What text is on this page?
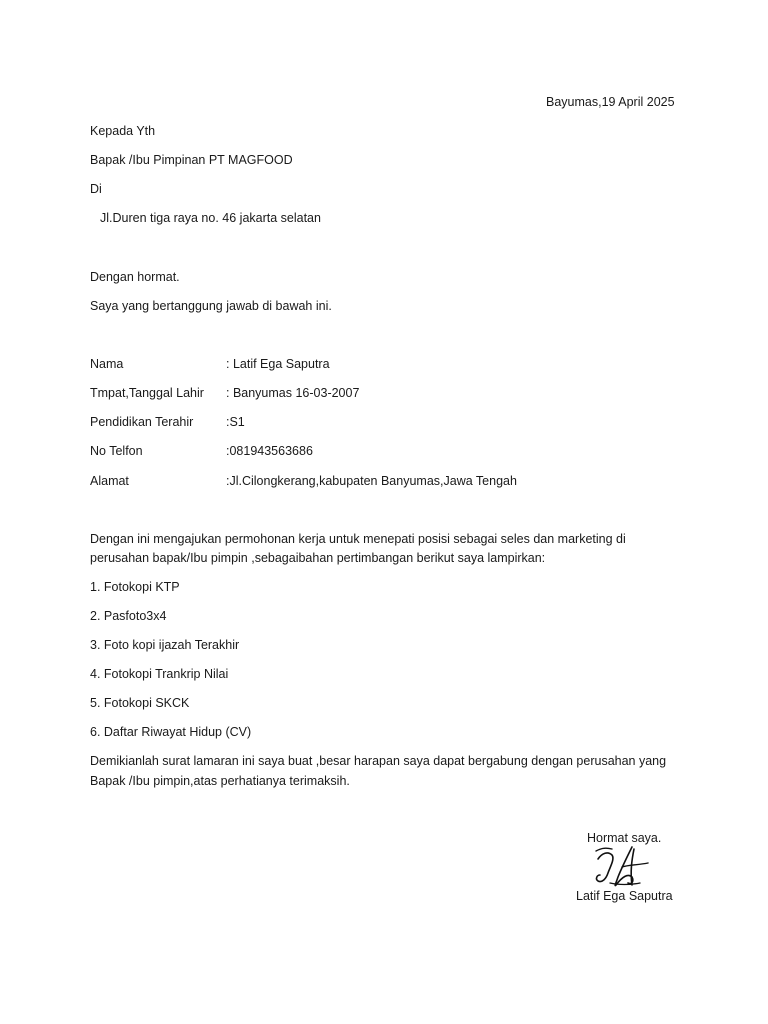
Bayumas,19 April 2025
Kepada Yth
Bapak /Ibu Pimpinan PT MAGFOOD
Di
Jl.Duren tiga raya no. 46 jakarta selatan
Dengan hormat.
Saya yang bertanggung jawab di bawah ini.
Nama	: Latif Ega Saputra
Tmpat,Tanggal Lahir : Banyumas 16-03-2007
Pendidikan Terahir	:S1
No Telfon	:081943563686
Alamat	:Jl.Cilongkerang,kabupaten Banyumas,Jawa Tengah
Dengan ini mengajukan permohonan kerja untuk menepati posisi sebagai seles dan marketing di
perusahan bapak/Ibu pimpin ,sebagaibahan pertimbangan berikut saya lampirkan:
1. Fotokopi KTP
2. Pasfoto3x4
3. Foto kopi ijazah Terakhir
4. Fotokopi Trankrip Nilai
5. Fotokopi SKCK
6. Daftar Riwayat Hidup (CV)
Demikianlah surat lamaran ini saya buat ,besar harapan saya dapat bergabung dengan perusahan yang
Bapak /Ibu pimpin,atas perhatianya terimaksih.
Hormat saya.
Latif Ega Saputra
